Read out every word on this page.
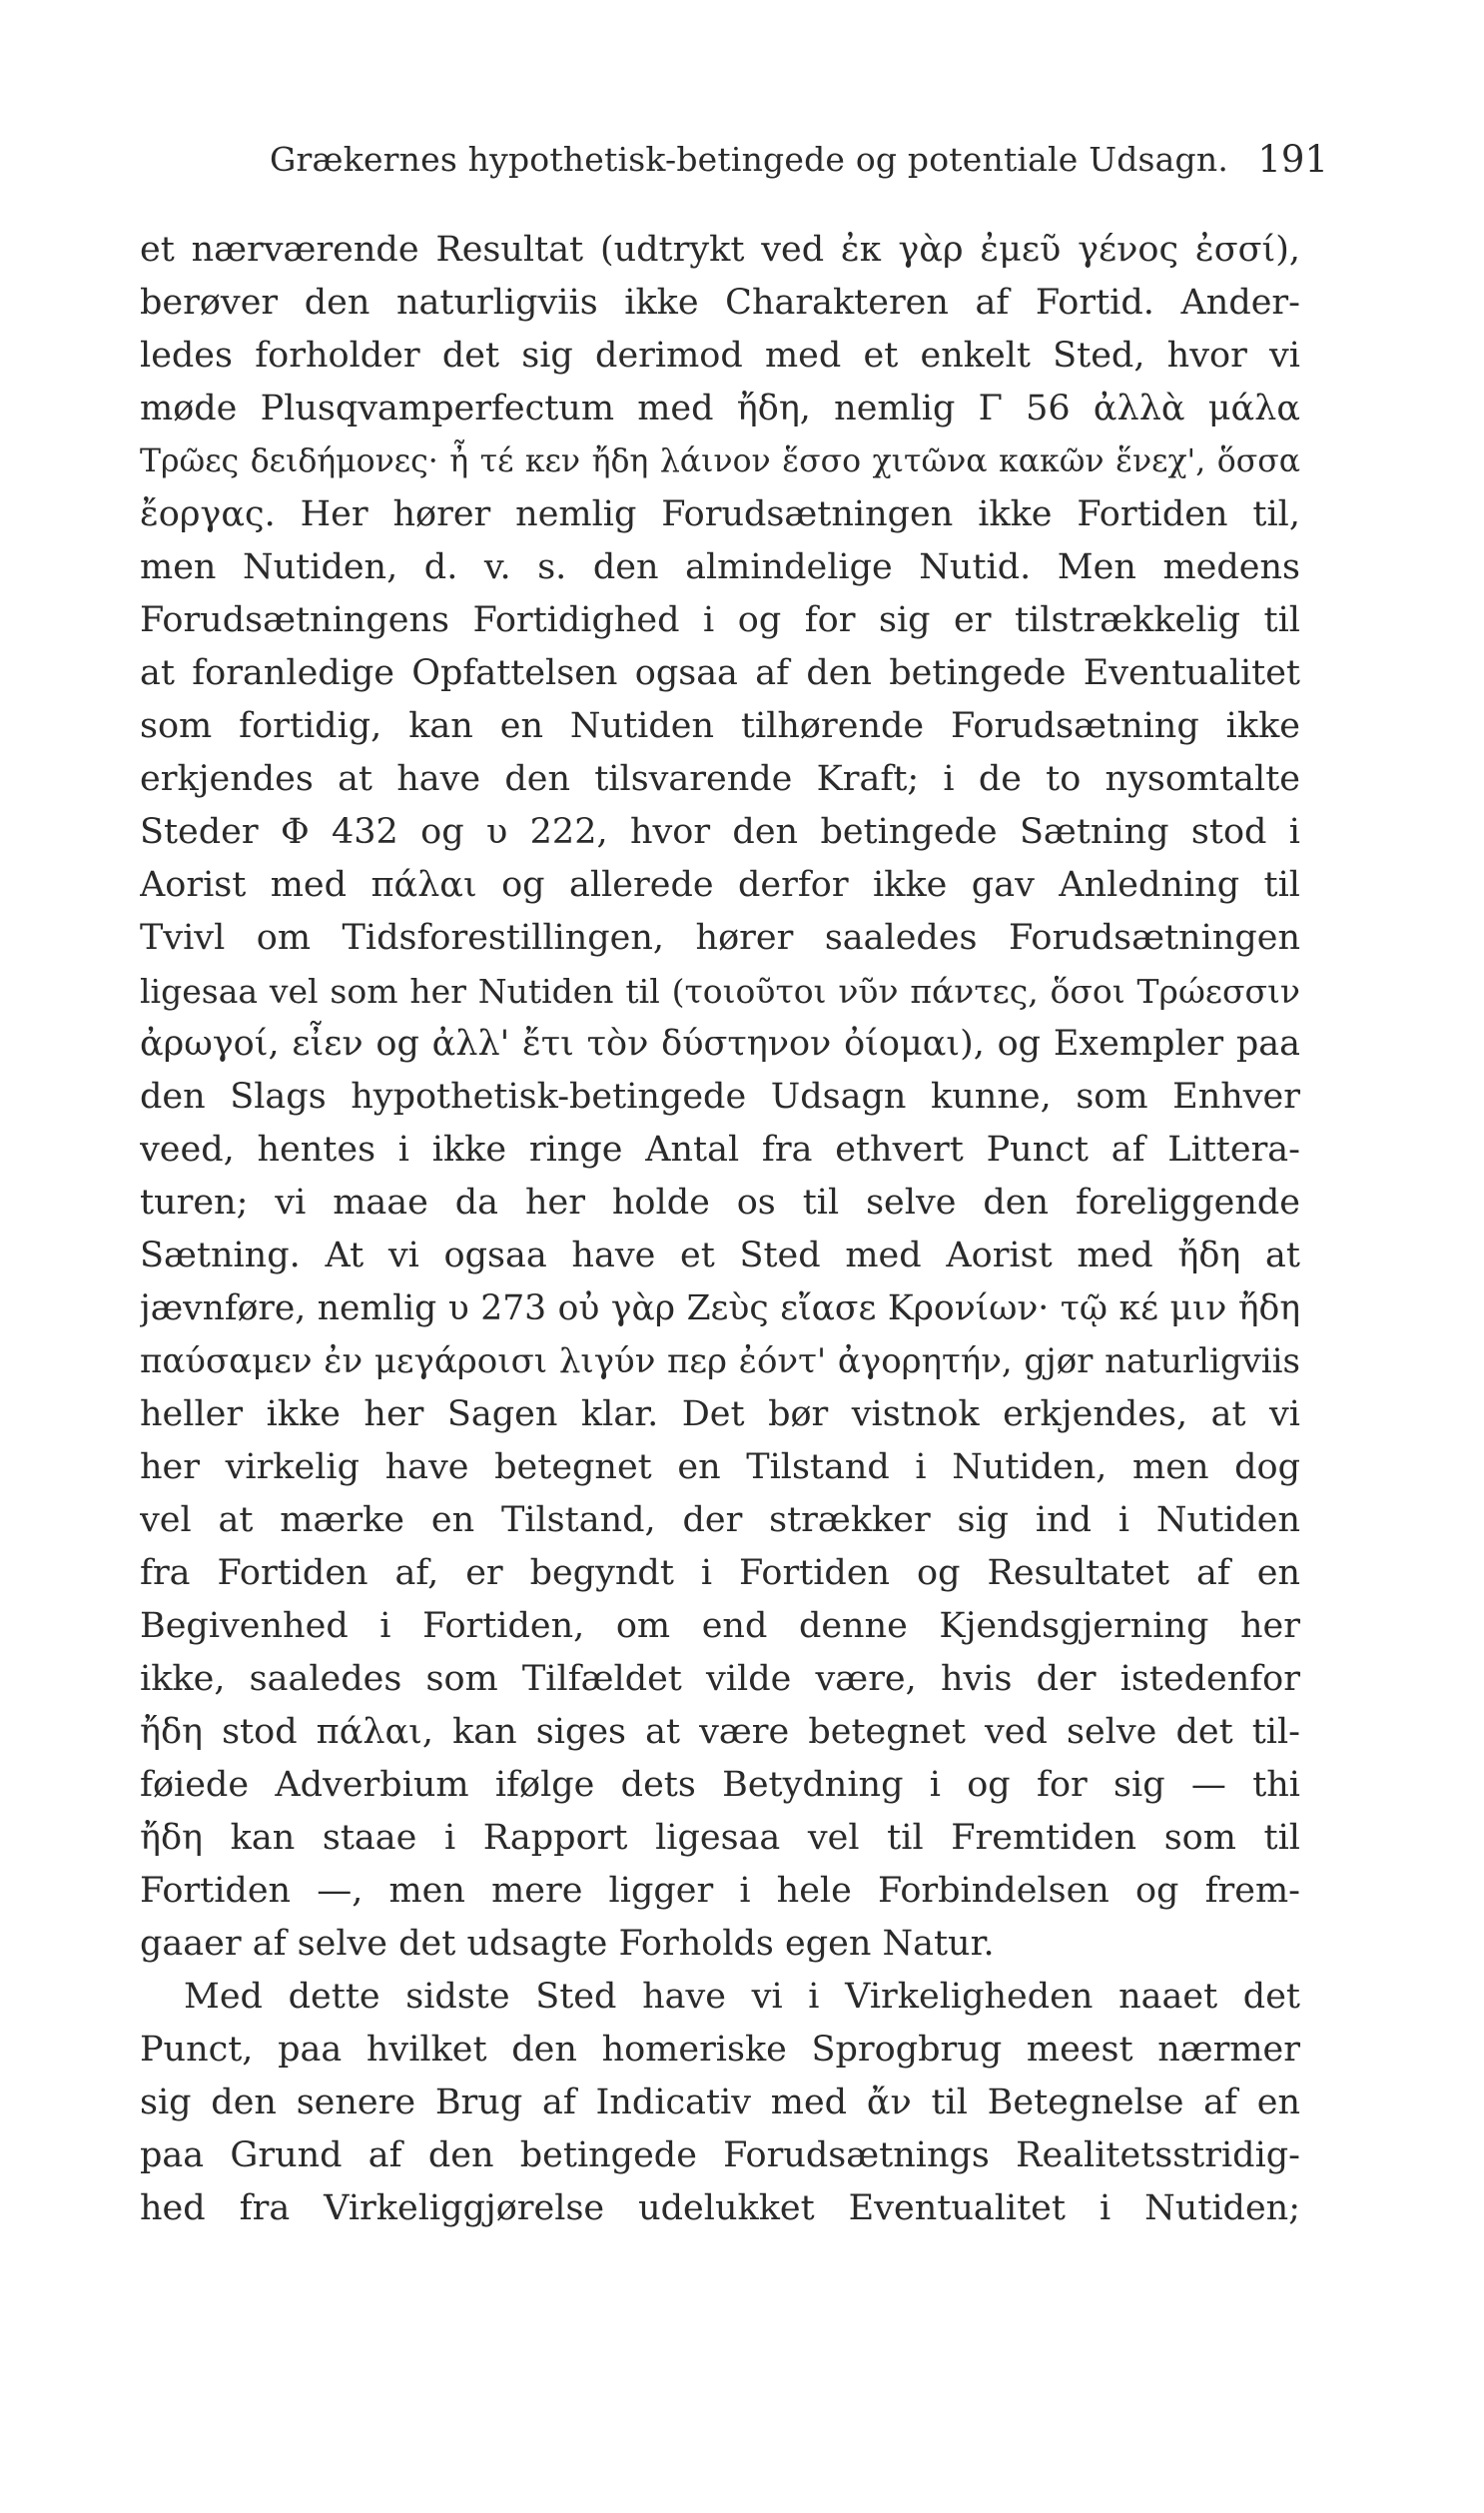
Grækernes hypothetisk-betingede og potentiale Udsagn. 191
et nærværende Resultat (udtrykt ved ἐκ γὰρ ἐμεῦ γένος ἐσσί),
berøver den naturligviis ikke Charakteren af Fortid. Ander-
ledes forholder det sig derimod med et enkelt Sted, hvor vi
møde Plusqvamperfectum med ἤδη, nemlig Γ 56 ἀλλὰ μάλα
Τρῶες δειδήμονες· ἦ τέ κεν ἤδη λάινον ἕσσο χιτῶνα κακῶν ἕνεχ', ὅσσα
ἔοργας. Her hører nemlig Forudsætningen ikke Fortiden til,
men Nutiden, d. v. s. den almindelige Nutid. Men medens
Forudsætningens Fortidighed i og for sig er tilstrækkelig til
at foranledige Opfattelsen ogsaa af den betingede Eventualitet
som fortidig, kan en Nutiden tilhørende Forudsætning ikke
erkjendes at have den tilsvarende Kraft; i de to nysomtalte
Steder Φ 432 og υ 222, hvor den betingede Sætning stod i
Aorist med πάλαι og allerede derfor ikke gav Anledning til
Tvivl om Tidsforestillingen, hører saaledes Forudsætningen
ligesaa vel som her Nutiden til (τοιοῦτοι νῦν πάντες, ὅσοι Τρώεσσιν
ἀρωγοί, εἶεν og ἀλλ' ἔτι τὸν δύστηνον ὀίομαι), og Exempler paa
den Slags hypothetisk-betingede Udsagn kunne, som Enhver
veed, hentes i ikke ringe Antal fra ethvert Punct af Littera-
turen; vi maae da her holde os til selve den foreliggende
Sætning. At vi ogsaa have et Sted med Aorist med ἤδη at
jævnføre, nemlig υ 273 οὐ γὰρ Ζεὺς εἴασε Κρονίων· τῷ κέ μιν ἤδη
παύσαμεν ἐν μεγάροισι λιγύν περ ἐόντ' ἀγορητήν, gjør naturligviis
heller ikke her Sagen klar. Det bør vistnok erkjendes, at vi
her virkelig have betegnet en Tilstand i Nutiden, men dog
vel at mærke en Tilstand, der strækker sig ind i Nutiden
fra Fortiden af, er begyndt i Fortiden og Resultatet af en
Begivenhed i Fortiden, om end denne Kjendsgjerning her
ikke, saaledes som Tilfældet vilde være, hvis der istedenfor
ἤδη stod πάλαι, kan siges at være betegnet ved selve det til-
føiede Adverbium ifølge dets Betydning i og for sig — thi
ἤδη kan staae i Rapport ligesaa vel til Fremtiden som til
Fortiden —, men mere ligger i hele Forbindelsen og frem-
gaaer af selve det udsagte Forholds egen Natur.
Med dette sidste Sted have vi i Virkeligheden naaet det
Punct, paa hvilket den homeriske Sprogbrug meest nærmer
sig den senere Brug af Indicativ med ἄν til Betegnelse af en
paa Grund af den betingede Forudsætnings Realitetsstridig-
hed fra Virkeliggjørelse udelukket Eventualitet i Nutiden;
